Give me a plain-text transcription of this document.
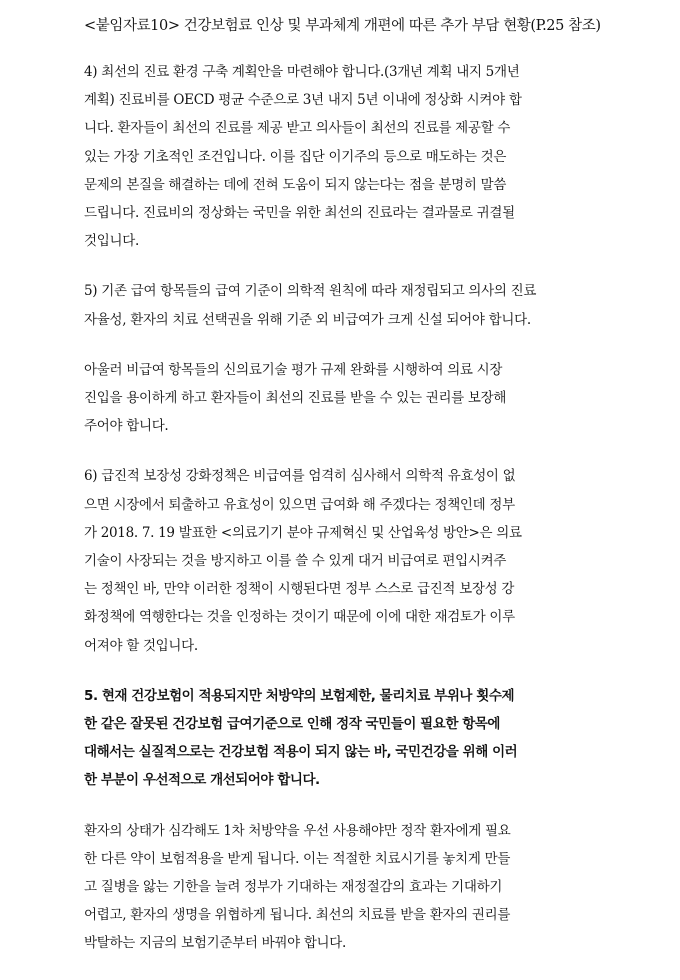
<붙임자료10> 건강보험료 인상 및 부과체계 개편에 따른 추가 부담 현황(P.25 참조)
4) 최선의 진료 환경 구축 계획안을 마련해야 합니다.(3개년 계획 내지 5개년
계획) 진료비를 OECD 평균 수준으로 3년 내지 5년 이내에 정상화 시켜야 합
니다. 환자들이 최선의 진료를 제공 받고 의사들이 최선의 진료를 제공할 수
있는 가장 기초적인 조건입니다. 이를 집단 이기주의 등으로 매도하는 것은
문제의 본질을 해결하는 데에 전혀 도움이 되지 않는다는 점을 분명히 말씀
드립니다. 진료비의 정상화는 국민을 위한 최선의 진료라는 결과물로 귀결될
것입니다.
5) 기존 급여 항목들의 급여 기준이 의학적 원칙에 따라 재정립되고 의사의 진료
자율성, 환자의 치료 선택권을 위해 기준 외 비급여가 크게 신설 되어야 합니다.
아울러 비급여 항목들의 신의료기술 평가 규제 완화를 시행하여 의료 시장
진입을 용이하게 하고 환자들이 최선의 진료를 받을 수 있는 권리를 보장해
주어야 합니다.
6) 급진적 보장성 강화정책은 비급여를 엄격히 심사해서 의학적 유효성이 없
으면 시장에서 퇴출하고 유효성이 있으면 급여화 해 주겠다는 정책인데 정부
가 2018. 7. 19 발표한 <의료기기 분야 규제혁신 및 산업육성 방안>은 의료
기술이 사장되는 것을 방지하고 이를 쓸 수 있게 대거 비급여로 편입시켜주
는 정책인 바, 만약 이러한 정책이 시행된다면 정부 스스로 급진적 보장성 강
화정책에 역행한다는 것을 인정하는 것이기 때문에 이에 대한 재검토가 이루
어져야 할 것입니다.
5. 현재 건강보험이 적용되지만 처방약의 보험제한, 물리치료 부위나 횟수제
한 같은 잘못된 건강보험 급여기준으로 인해 정작 국민들이 필요한 항목에
대해서는 실질적으로는 건강보험 적용이 되지 않는 바, 국민건강을 위해 이러
한 부분이 우선적으로 개선되어야 합니다.
환자의 상태가 심각해도 1차 처방약을 우선 사용해야만 정작 환자에게 필요
한 다른 약이 보험적용을 받게 됩니다. 이는 적절한 치료시기를 놓치게 만들
고 질병을 앓는 기한을 늘려 정부가 기대하는 재정절감의 효과는 기대하기
어렵고, 환자의 생명을 위협하게 됩니다. 최선의 치료를 받을 환자의 권리를
박탈하는 지금의 보험기준부터 바꿔야 합니다.
